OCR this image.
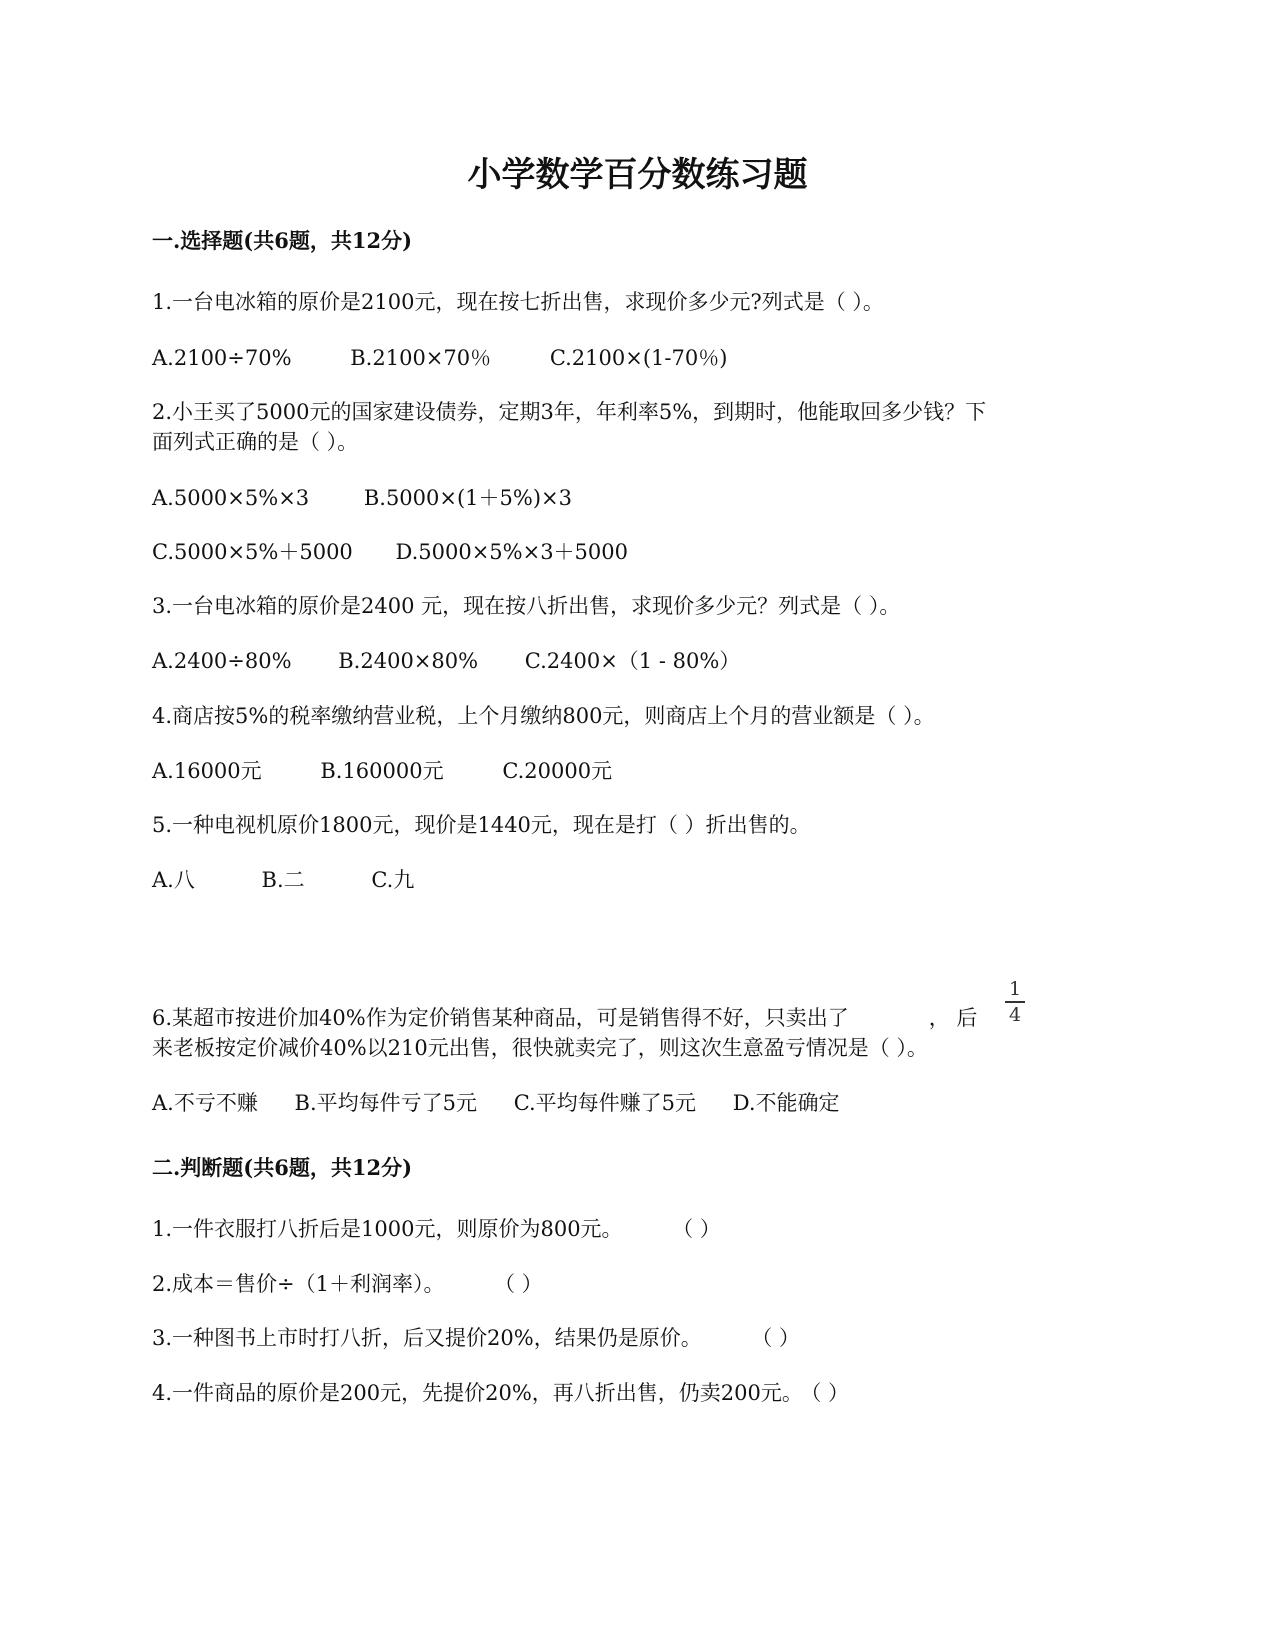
小学数学百分数练习题
一.选择题(共6题，共12分)
1.一台电冰箱的原价是2100元，现在按七折出售，求现价多少元?列式是（ ）。
A.2100÷70%	B.2100×70％	C.2100×(1-70％)
2.小王买了5000元的国家建设债券，定期3年，年利率5%，到期时，他能取回多少钱？下
面列式正确的是（ ）。
A.5000×5%×3	B.5000×(1＋5%)×3
C.5000×5%＋5000 D.5000×5%×3＋5000
3.一台电冰箱的原价是2400 元，现在按八折出售，求现价多少元？列式是（ ）。
A.2400÷80% B.2400×80% C.2400×（1 - 80%）
4.商店按5%的税率缴纳营业税，上个月缴纳800元，则商店上个月的营业额是（ ）。
A.16000元	B.160000元	C.20000元
5.一种电视机原价1800元，现价是1440元，现在是打（ ）折出售的。
A.八	B.二	C.九
1
4
6.某超市按进价加40%作为定价销售某种商品，可是销售得不好，只卖出了	， 后
来老板按定价减价40%以210元出售，很快就卖完了，则这次生意盈亏情况是（ ）。
A.不亏不赚 B.平均每件亏了5元 C.平均每件赚了5元 D.不能确定
二.判断题(共6题，共12分)
1.一件衣服打八折后是1000元，则原价为800元。	（ ）
2.成本＝售价÷（1＋利润率）。	（ ）
3.一种图书上市时打八折，后又提价20%，结果仍是原价。	（ ）
4.一件商品的原价是200元，先提价20%，再八折出售，仍卖200元。 （ ）
